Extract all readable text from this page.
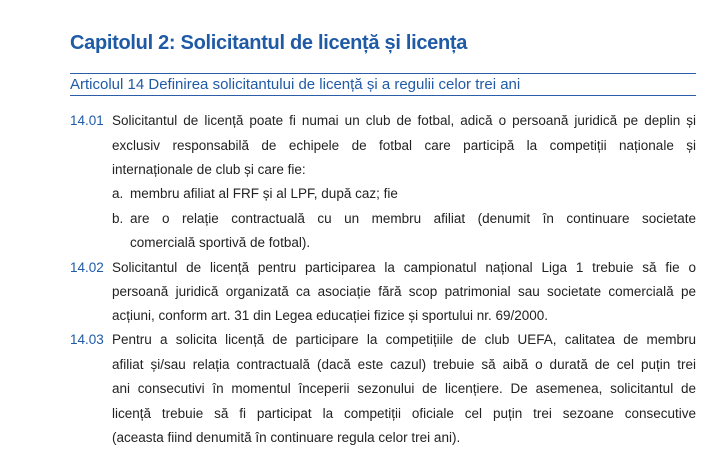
Capitolul 2: Solicitantul de licență și licența
Articolul 14 Definirea solicitantului de licență și a regulii celor trei ani
14.01 Solicitantul de licență poate fi numai un club de fotbal, adică o persoană juridică pe deplin și
exclusiv responsabilă de echipele de fotbal care participă la competiții naționale și
internaționale de club și care fie:
a. membru afiliat al FRF și al LPF, după caz; fie
b. are o relație contractuală cu un membru afiliat (denumit în continuare societate
comercială sportivă de fotbal).
14.02 Solicitantul de licență pentru participarea la campionatul național Liga 1 trebuie să fie o
persoană juridică organizată ca asociație fără scop patrimonial sau societate comercială pe
acțiuni, conform art. 31 din Legea educației fizice și sportului nr. 69/2000.
14.03 Pentru a solicita licență de participare la competițiile de club UEFA, calitatea de membru
afiliat și/sau relația contractuală (dacă este cazul) trebuie să aibă o durată de cel puțin trei
ani consecutivi în momentul începerii sezonului de licențiere. De asemenea, solicitantul de
licență trebuie să fi participat la competiții oficiale cel puțin trei sezoane consecutive
(aceasta fiind denumită în continuare regula celor trei ani).
